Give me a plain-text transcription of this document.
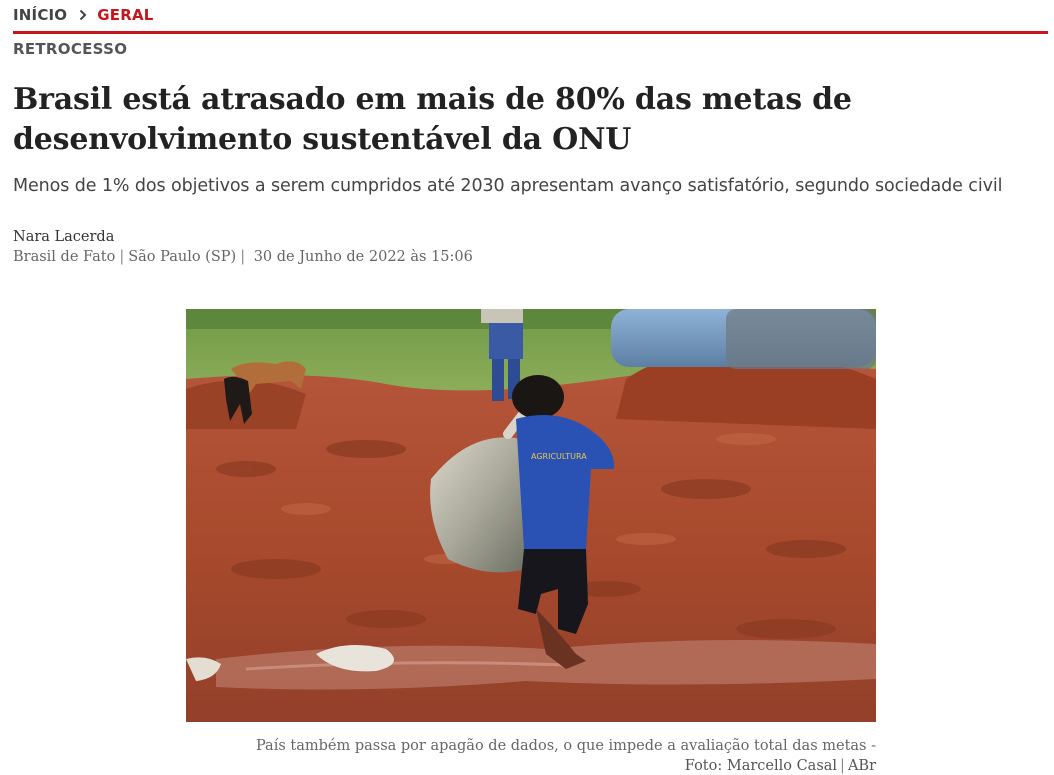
INÍCIO GERAL
RETROCESSO
Brasil está atrasado em mais de 80% das metas de desenvolvimento sustentável da ONU

Menos de 1% dos objetivos a serem cumpridos até 2030 apresentam avanço satisfatório, segundo sociedade civil

Nara Lacerda
Brasil de Fato | São Paulo (SP) | 30 de Junho de 2022 às 15:06
AGRICULTURA
País também passa por apagão de dados, o que impede a avaliação total das metas -
Foto: Marcello Casal | ABr
